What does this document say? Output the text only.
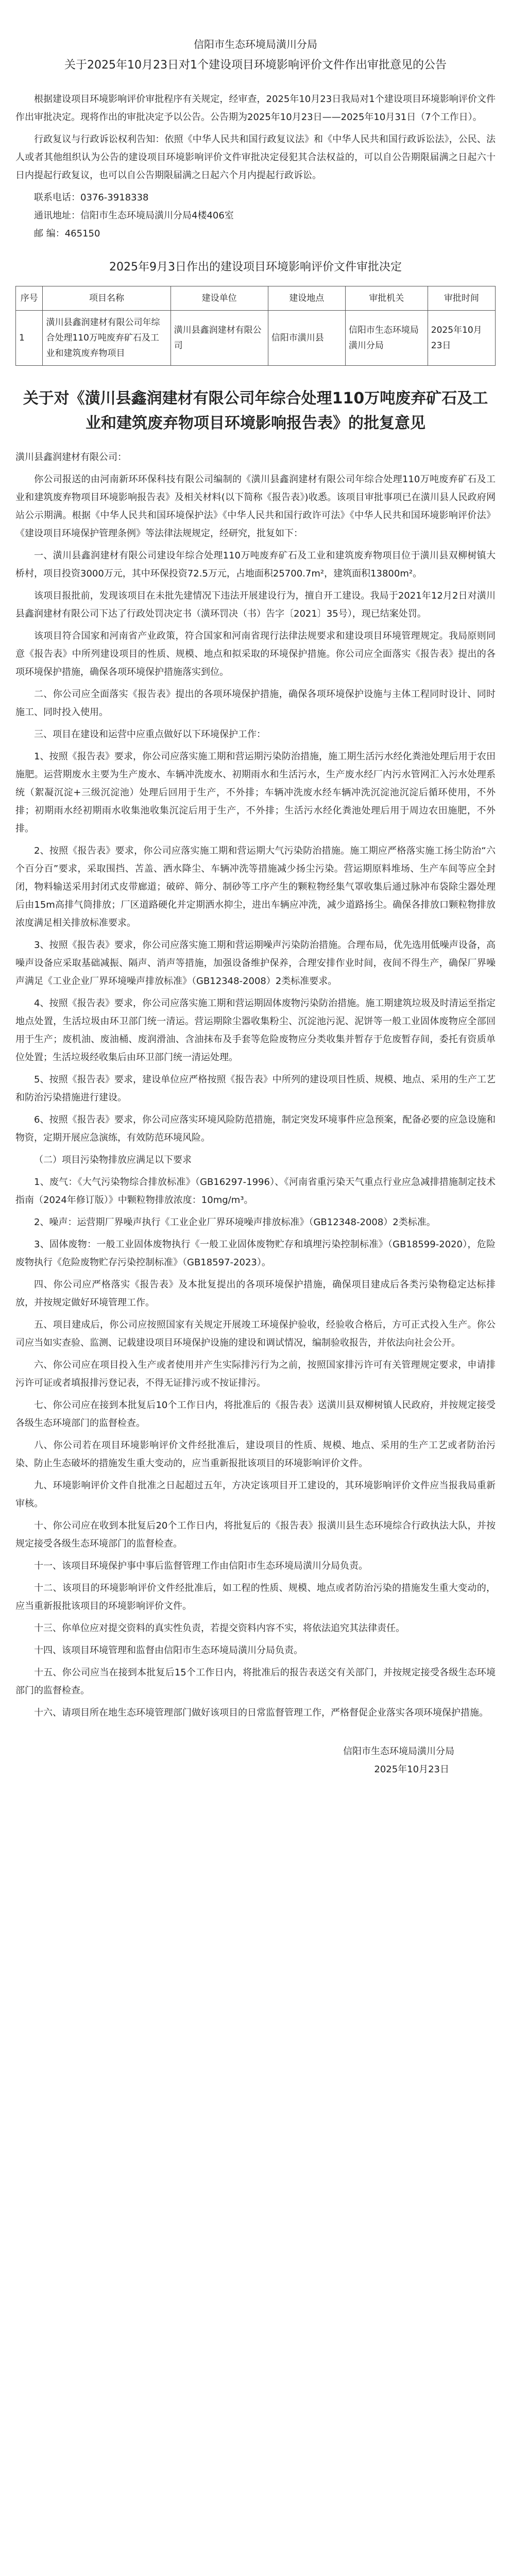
信阳市生态环境局潢川分局
关于2025年10月23日对1个建设项目环境影响评价文件作出审批意见的公告

根据建设项目环境影响评价审批程序有关规定，经审查，2025年10月23日我局对1个建设项目环境影响评价文件作出审批决定。现将作出的审批决定予以公告。公告期为2025年10月23日——2025年10月31日（7个工作日）。

行政复议与行政诉讼权利告知：依照《中华人民共和国行政复议法》和《中华人民共和国行政诉讼法》，公民、法人或者其他组织认为公告的建设项目环境影响评价文件审批决定侵犯其合法权益的，可以自公告期限届满之日起六十日内提起行政复议，也可以自公告期限届满之日起六个月内提起行政诉讼。

联系电话：0376-3918338

通讯地址：信阳市生态环境局潢川分局4楼406室

邮 编：465150

2025年9月3日作出的建设项目环境影响评价文件审批决定
序号	项目名称	建设单位	建设地点	审批机关	审批时间
1	潢川县鑫润建材有限公司年综合处理110万吨废弃矿石及工业和建筑废弃物项目	潢川县鑫润建材有限公司	信阳市潢川县	信阳市生态环境局潢川分局	2025年10月23日
关于对《潢川县鑫润建材有限公司年综合处理110万吨废弃矿石及工业和建筑废弃物项目环境影响报告表》的批复意见

潢川县鑫润建材有限公司：

你公司报送的由河南新环环保科技有限公司编制的《潢川县鑫润建材有限公司年综合处理110万吨废弃矿石及工业和建筑废弃物项目环境影响报告表》及相关材料(以下简称《报告表》)收悉。该项目审批事项已在潢川县人民政府网站公示期满。根据《中华人民共和国环境保护法》《中华人民共和国行政许可法》《中华人民共和国环境影响评价法》《建设项目环境保护管理条例》等法律法规规定，经研究，批复如下：

一、潢川县鑫润建材有限公司建设年综合处理110万吨废弃矿石及工业和建筑废弃物项目位于潢川县双柳树镇大桥村，项目投资3000万元，其中环保投资72.5万元，占地面积25700.7m²，建筑面积13800m²。

该项目报批前，发现该项目在未批先建情况下违法开展建设行为，擅自开工建设。我局于2021年12月2日对潢川县鑫润建材有限公司下达了行政处罚决定书（潢环罚决（书）告字〔2021〕35号），现已结案处罚。

该项目符合国家和河南省产业政策，符合国家和河南省现行法律法规要求和建设项目环境管理规定。我局原则同意《报告表》中所列建设项目的性质、规模、地点和拟采取的环境保护措施。你公司应全面落实《报告表》提出的各项环境保护措施，确保各项环境保护措施落实到位。

二、你公司应全面落实《报告表》提出的各项环境保护措施，确保各项环境保护设施与主体工程同时设计、同时施工、同时投入使用。

三、项目在建设和运营中应重点做好以下环境保护工作：

1、按照《报告表》要求，你公司应落实施工期和营运期污染防治措施，施工期生活污水经化粪池处理后用于农田施肥。运营期废水主要为生产废水、车辆冲洗废水、初期雨水和生活污水，生产废水经厂内污水管网汇入污水处理系统（絮凝沉淀+三级沉淀池）处理后回用于生产，不外排；车辆冲洗废水经车辆冲洗沉淀池沉淀后循环使用，不外排；初期雨水经初期雨水收集池收集沉淀后用于生产，不外排；生活污水经化粪池处理后用于周边农田施肥，不外排。

2、按照《报告表》要求，你公司应落实施工期和营运期大气污染防治措施。施工期应严格落实施工扬尘防治“六个百分百”要求，采取围挡、苫盖、洒水降尘、车辆冲洗等措施减少扬尘污染。营运期原料堆场、生产车间等应全封闭，物料输送采用封闭式皮带廊道；破碎、筛分、制砂等工序产生的颗粒物经集气罩收集后通过脉冲布袋除尘器处理后由15m高排气筒排放；厂区道路硬化并定期洒水抑尘，进出车辆应冲洗，减少道路扬尘。确保各排放口颗粒物排放浓度满足相关排放标准要求。

3、按照《报告表》要求，你公司应落实施工期和营运期噪声污染防治措施。合理布局，优先选用低噪声设备，高噪声设备应采取基础减振、隔声、消声等措施，加强设备维护保养，合理安排作业时间，夜间不得生产，确保厂界噪声满足《工业企业厂界环境噪声排放标准》（GB12348-2008）2类标准要求。

4、按照《报告表》要求，你公司应落实施工期和营运期固体废物污染防治措施。施工期建筑垃圾及时清运至指定地点处置，生活垃圾由环卫部门统一清运。营运期除尘器收集粉尘、沉淀池污泥、泥饼等一般工业固体废物应全部回用于生产；废机油、废油桶、废润滑油、含油抹布及手套等危险废物应分类收集并暂存于危废暂存间，委托有资质单位处置；生活垃圾经收集后由环卫部门统一清运处理。

5、按照《报告表》要求，建设单位应严格按照《报告表》中所列的建设项目性质、规模、地点、采用的生产工艺和防治污染措施进行建设。

6、按照《报告表》要求，你公司应落实环境风险防范措施，制定突发环境事件应急预案，配备必要的应急设施和物资，定期开展应急演练，有效防范环境风险。

（二）项目污染物排放应满足以下要求

1、废气：《大气污染物综合排放标准》（GB16297-1996）、《河南省重污染天气重点行业应急减排措施制定技术指南（2024年修订版）》中颗粒物排放浓度：10mg/m³。

2、噪声：运营期厂界噪声执行《工业企业厂界环境噪声排放标准》（GB12348-2008）2类标准。

3、固体废物：一般工业固体废物执行《一般工业固体废物贮存和填埋污染控制标准》（GB18599-2020），危险废物执行《危险废物贮存污染控制标准》（GB18597-2023）。

四、你公司应严格落实《报告表》及本批复提出的各项环境保护措施，确保项目建成后各类污染物稳定达标排放，并按规定做好环境管理工作。

五、项目建成后，你公司应按照国家有关规定开展竣工环境保护验收，经验收合格后，方可正式投入生产。你公司应当如实查验、监测、记载建设项目环境保护设施的建设和调试情况，编制验收报告，并依法向社会公开。

六、你公司应在项目投入生产或者使用并产生实际排污行为之前，按照国家排污许可有关管理规定要求，申请排污许可证或者填报排污登记表，不得无证排污或不按证排污。

七、你公司应在接到本批复后10个工作日内，将批准后的《报告表》送潢川县双柳树镇人民政府，并按规定接受各级生态环境部门的监督检查。

八、你公司若在项目环境影响评价文件经批准后，建设项目的性质、规模、地点、采用的生产工艺或者防治污染、防止生态破坏的措施发生重大变动的，应当重新报批该项目的环境影响评价文件。

九、环境影响评价文件自批准之日起超过五年，方决定该项目开工建设的，其环境影响评价文件应当报我局重新审核。

十、你公司应在收到本批复后20个工作日内，将批复后的《报告表》报潢川县生态环境综合行政执法大队，并按规定接受各级生态环境部门的监督检查。

十一、该项目环境保护事中事后监督管理工作由信阳市生态环境局潢川分局负责。

十二、该项目的环境影响评价文件经批准后，如工程的性质、规模、地点或者防治污染的措施发生重大变动的，应当重新报批该项目的环境影响评价文件。

十三、你单位应对提交资料的真实性负责，若提交资料内容不实，将依法追究其法律责任。

十四、该项目环境管理和监督由信阳市生态环境局潢川分局负责。

十五、你公司应当在接到本批复后15个工作日内，将批准后的报告表送交有关部门，并按规定接受各级生态环境部门的监督检查。

十六、请项目所在地生态环境管理部门做好该项目的日常监督管理工作，严格督促企业落实各项环境保护措施。

信阳市生态环境局潢川分局

2025年10月23日
